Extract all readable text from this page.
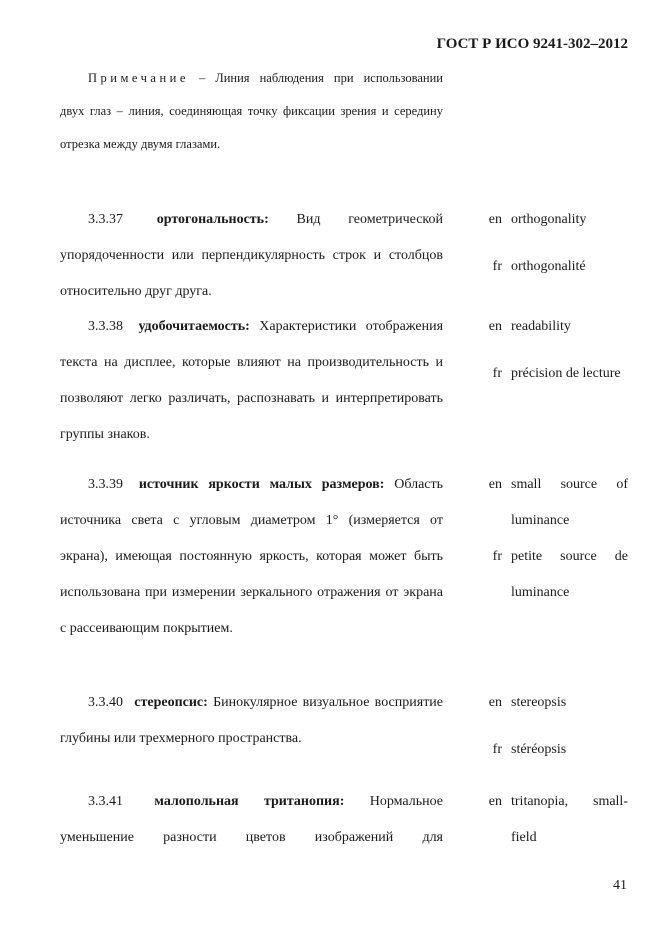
ГОСТ Р ИСО 9241-302–2012

Примечание – Линия наблюдения при использовании

двух глаз – линия, соединяющая точку фиксации зрения и середину отрезка между двумя глазами.

3.3.37 ортогональность: Вид геометрической упорядоченности или перпендикулярность строк и столбцов относительно друг друга.

en orthogonality
fr orthogonalité

3.3.38 удобочитаемость: Характеристики отображения текста на дисплее, которые влияют на производительность и позволяют легко различать, распознавать и интерпретировать группы знаков.

en readability
fr précision de lecture

3.3.39 источник яркости малых размеров: Область источника света с угловым диаметром 1° (измеряется от экрана), имеющая постоянную яркость, которая может быть использована при измерении зеркального отражения от экрана с рассеивающим покрытием.

en small source of luminance
fr petite source de luminance

3.3.40 стереопсис: Бинокулярное визуальное восприятие глубины или трехмерного пространства.

en stereopsis
fr stéréopsis

3.3.41 малопольная тританопия: Нормальное уменьшение разности цветов изображений для

en tritanopia, small-field
41
